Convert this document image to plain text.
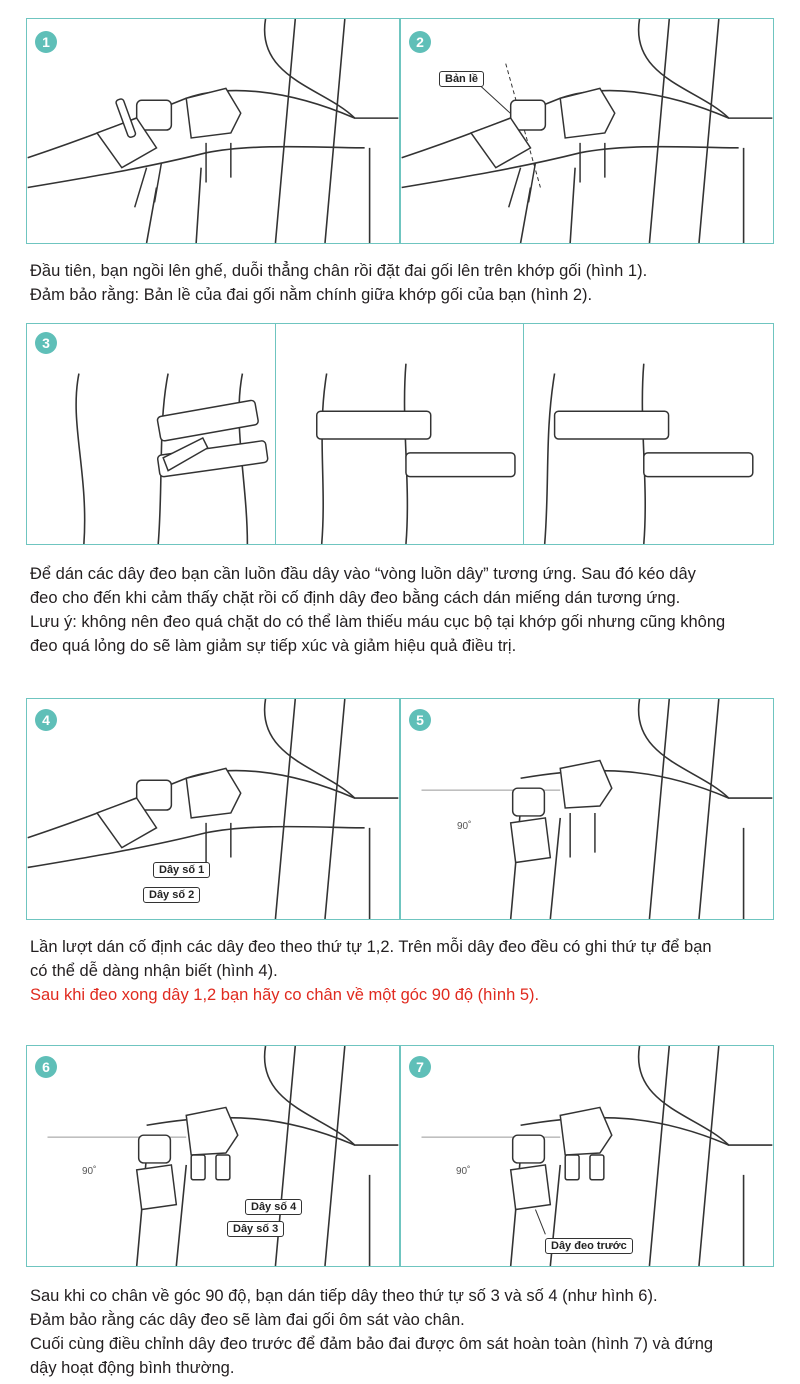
1	2
Bản lề

Đầu tiên, bạn ngồi lên ghế, duỗi thẳng chân rồi đặt đai gối lên trên khớp gối (hình 1).

Đảm bảo rằng: Bản lề của đai gối nằm chính giữa khớp gối của bạn (hình 2).

3

Để dán các dây đeo bạn cần luồn đầu dây vào “vòng luồn dây” tương ứng. Sau đó kéo dây

đeo cho đến khi cảm thấy chặt rồi cố định dây đeo bằng cách dán miếng dán tương ứng.

Lưu ý: không nên đeo quá chặt do có thể làm thiếu máu cục bộ tại khớp gối nhưng cũng không

đeo quá lỏng do sẽ làm giảm sự tiếp xúc và giảm hiệu quả điều trị.

4
Dây số 1
Dây số 2
5
90˚

Lần lượt dán cố định các dây đeo theo thứ tự 1,2. Trên mỗi dây đeo đều có ghi thứ tự để bạn

có thể dễ dàng nhận biết (hình 4).

Sau khi đeo xong dây 1,2 bạn hãy co chân về một góc 90 độ (hình 5).

6
90˚
Dây số 4
Dây số 3
7
90˚
Dây đeo trước

Sau khi co chân về góc 90 độ, bạn dán tiếp dây theo thứ tự số 3 và số 4 (như hình 6).

Đảm bảo rằng các dây đeo sẽ làm đai gối ôm sát vào chân.

Cuối cùng điều chỉnh dây đeo trước để đảm bảo đai được ôm sát hoàn toàn (hình 7) và đứng

dậy hoạt động bình thường.
